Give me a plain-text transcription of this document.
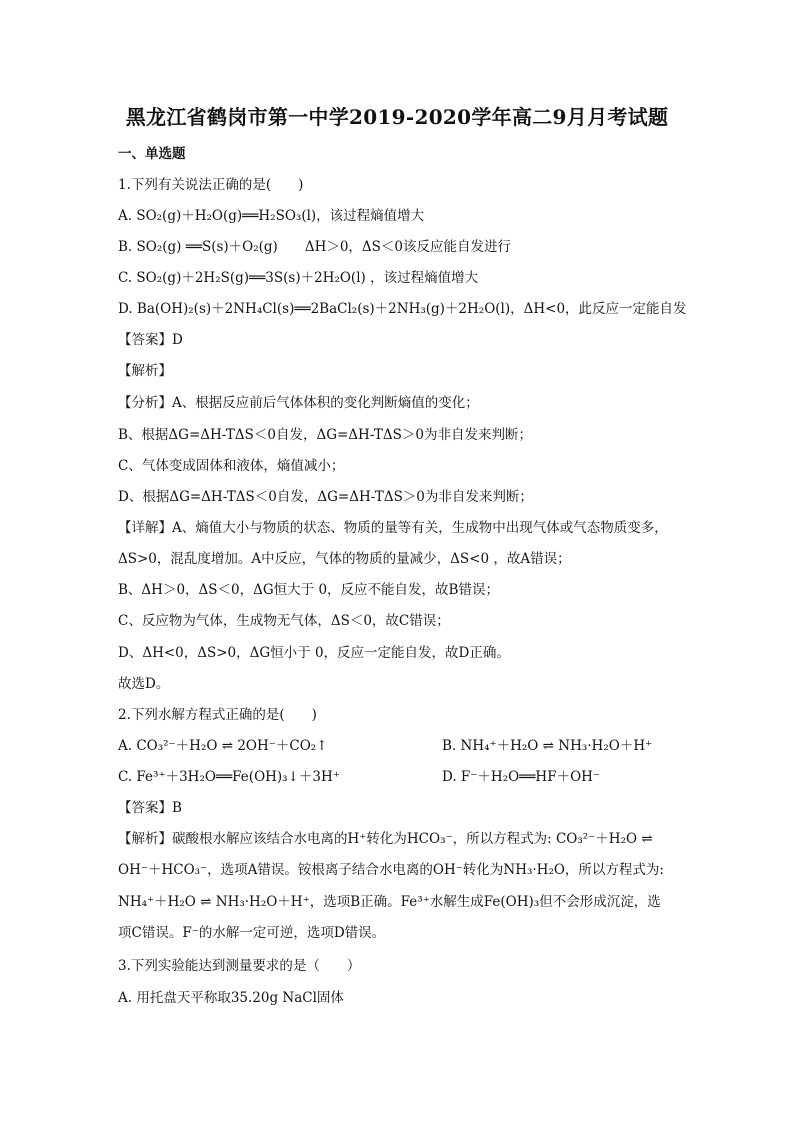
黑龙江省鹤岗市第一中学2019-2020学年高二9月月考试题
一、单选题
1.下列有关说法正确的是(　　)
A. SO₂(g)＋H₂O(g)══H₂SO₃(l)，该过程熵值增大
B. SO₂(g) ══S(s)＋O₂(g)　　ΔH＞0，ΔS＜0该反应能自发进行
C. SO₂(g)＋2H₂S(g)══3S(s)＋2H₂O(l) ，该过程熵值增大
D. Ba(OH)₂(s)＋2NH₄Cl(s)══2BaCl₂(s)＋2NH₃(g)＋2H₂O(l)，ΔH<0，此反应一定能自发
【答案】D
【解析】
【分析】A、根据反应前后气体体积的变化判断熵值的变化；
B、根据ΔG=ΔH-TΔS＜0自发，ΔG=ΔH-TΔS＞0为非自发来判断；
C、气体变成固体和液体，熵值减小；
D、根据ΔG=ΔH-TΔS＜0自发，ΔG=ΔH-TΔS＞0为非自发来判断；
【详解】A、熵值大小与物质的状态、物质的量等有关，生成物中出现气体或气态物质变多，
ΔS>0，混乱度增加。A中反应，气体的物质的量减少，ΔS<0 ，故A错误；
B、ΔH＞0，ΔS＜0，ΔG恒大于 0，反应不能自发，故B错误；
C、反应物为气体，生成物无气体，ΔS＜0，故C错误；
D、ΔH<0，ΔS>0，ΔG恒小于 0，反应一定能自发，故D正确。
故选D。
2.下列水解方程式正确的是(　　)
A. CO₃²⁻＋H₂O ⇌ 2OH⁻＋CO₂↑	B. NH₄⁺＋H₂O ⇌ NH₃·H₂O＋H⁺
C. Fe³⁺＋3H₂O══Fe(OH)₃↓＋3H⁺	D. F⁻＋H₂O══HF＋OH⁻
【答案】B
【解析】碳酸根水解应该结合水电离的H⁺转化为HCO₃⁻，所以方程式为: CO₃²⁻＋H₂O ⇌
OH⁻＋HCO₃⁻，选项A错误。铵根离子结合水电离的OH⁻转化为NH₃·H₂O，所以方程式为:
NH₄⁺＋H₂O ⇌ NH₃·H₂O＋H⁺，选项B正确。Fe³⁺水解生成Fe(OH)₃但不会形成沉淀，选
项C错误。F⁻的水解一定可逆，选项D错误。
3.下列实验能达到测量要求的是（　　）
A. 用托盘天平称取35.20g NaCl固体
